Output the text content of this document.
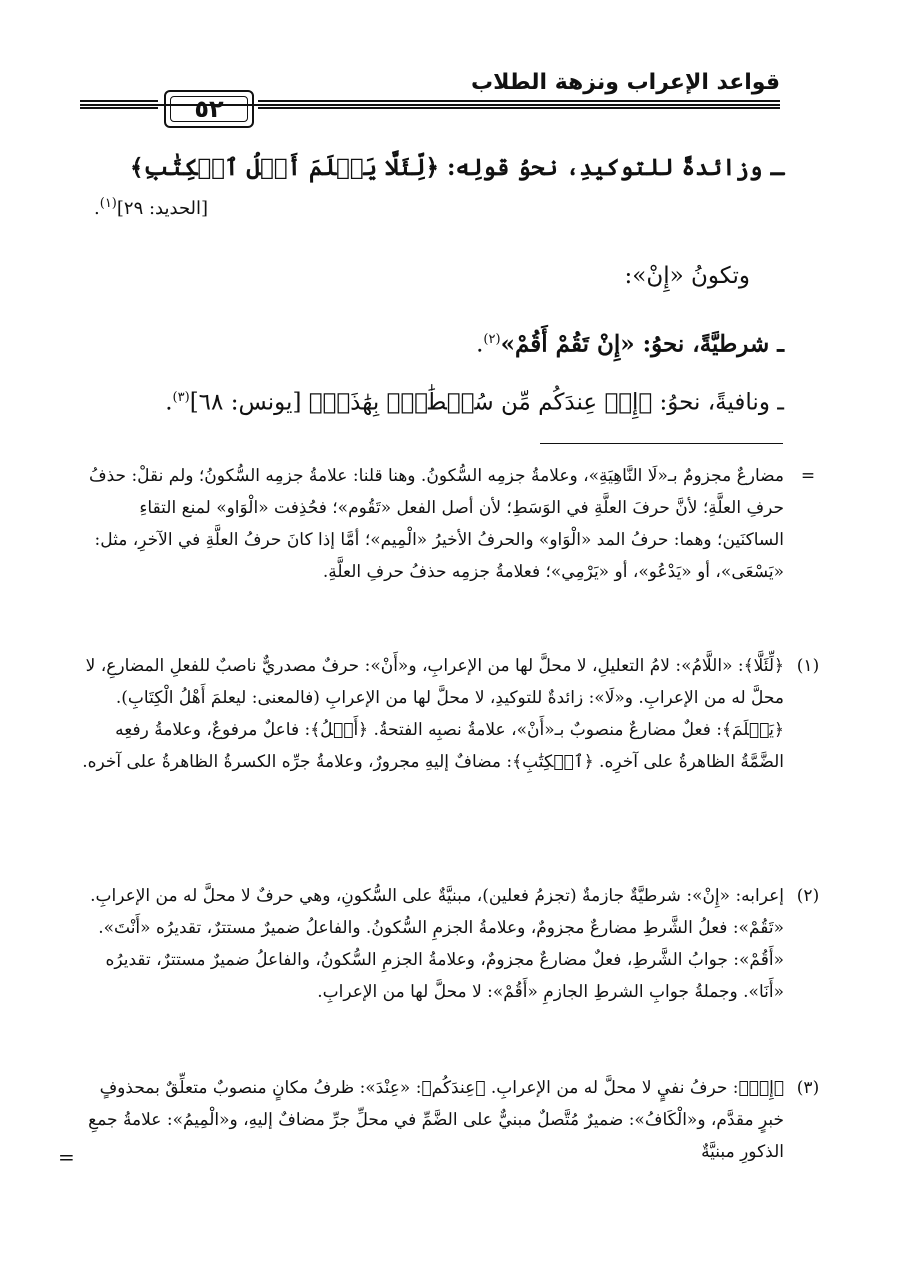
قواعد الإعراب ونزهة الطلاب
٥٢
ـ وزائدةً للتوكيدِ، نحوُ قولِه: ﴿لِّئَلَّا يَعۡلَمَ أَهۡلُ ٱلۡكِتَٰبِ﴾
[الحديد: ٢٩]$^{(١)}$.
وتكونُ «إِنْ»:
ـ شرطيَّةً، نحوُ: «إِنْ تَقُمْ أَقُمْ»$^{(٢)}$.
ـ ونافيةً، نحوُ: ﴿إِنۡ عِندَكُم مِّن سُلۡطَٰنِۭ بِهَٰذَآۚ﴾ [يونس: ٦٨]$^{(٣)}$.
=
مضارعٌ مجزومٌ بـ«لَا النَّاهِيَةِ»، وعلامةُ جزمِه السُّكونُ. وهنا قلنا: علامةُ جزمِه السُّكونُ؛ ولم نقلْ: حذفُ حرفِ العلَّةِ؛ لأنَّ حرفَ العلَّةِ في الوَسَطِ؛ لأن أصل الفعل «تَقُوم»؛ فحُذِفت «الْوَاو» لمنع التقاءِ الساكنَين؛ وهما: حرفُ المد «الْوَاو» والحرفُ الأخيرُ «الْمِيم»؛ أمَّا إذا كانَ حرفُ العلَّةِ في الآخرِ، مثل: «يَسْعَى»، أو «يَدْعُو»، أو «يَرْمِي»؛ فعلامةُ جزمِه حذفُ حرفِ العلَّةِ.
(١)
﴿لِّئَلَّا﴾: «اللَّامُ»: لامُ التعليلِ، لا محلَّ لها من الإعرابِ، و«أَنْ»: حرفٌ مصدريٌّ ناصبٌ للفعلِ المضارعِ، لا محلَّ له من الإعرابِ. و«لَا»: زائدةٌ للتوكيدِ، لا محلَّ لها من الإعرابِ (فالمعنى: ليعلمَ أَهْلُ الْكِتَابِ). ﴿يَعۡلَمَ﴾: فعلٌ مضارعٌ منصوبٌ بـ«أَنْ»، علامةُ نصبِه الفتحةُ. ﴿أَهۡلُ﴾: فاعلٌ مرفوعٌ، وعلامةُ رفعِه الضَّمَّةُ الظاهرةُ على آخرِه. ﴿ٱلۡكِتَٰبِ﴾: مضافٌ إليهِ مجرورٌ، وعلامةُ جرِّه الكسرةُ الظاهرةُ على آخره.
(٢)
إعرابه: «إِنْ»: شرطيَّةٌ جازمةٌ (تجزمُ فعلين)، مبنيَّةٌ على السُّكونِ، وهي حرفٌ لا محلَّ له من الإعرابِ. «تَقُمْ»: فعلُ الشَّرطِ مضارعٌ مجزومٌ، وعلامةُ الجزمِ السُّكونُ. والفاعلُ ضميرٌ مستترٌ، تقديرُه «أَنْتَ». «أَقُمْ»: جوابُ الشَّرطِ، فعلٌ مضارعٌ مجزومٌ، وعلامةُ الجزمِ السُّكونُ، والفاعلُ ضميرٌ مستترٌ، تقديرُه «أَنَا». وجملةُ جوابِ الشرطِ الجازمِ «أَقُمْ»: لا محلَّ لها من الإعرابِ.
(٣)
﴿إِنۡ﴾: حرفُ نفيٍ لا محلَّ له من الإعرابِ. ﴿عِندَكُم﴾: «عِنْدَ»: ظرفُ مكانٍ منصوبٌ متعلِّقٌ بمحذوفٍ خبرٍ مقدَّم، و«الْكَافُ»: ضميرٌ مُتَّصلٌ مبنيٌّ على الضَّمِّ في محلِّ جرِّ مضافٌ إليهِ، و«الْمِيمُ»: علامةُ جمعِ الذكورِ مبنيَّةٌ
=
